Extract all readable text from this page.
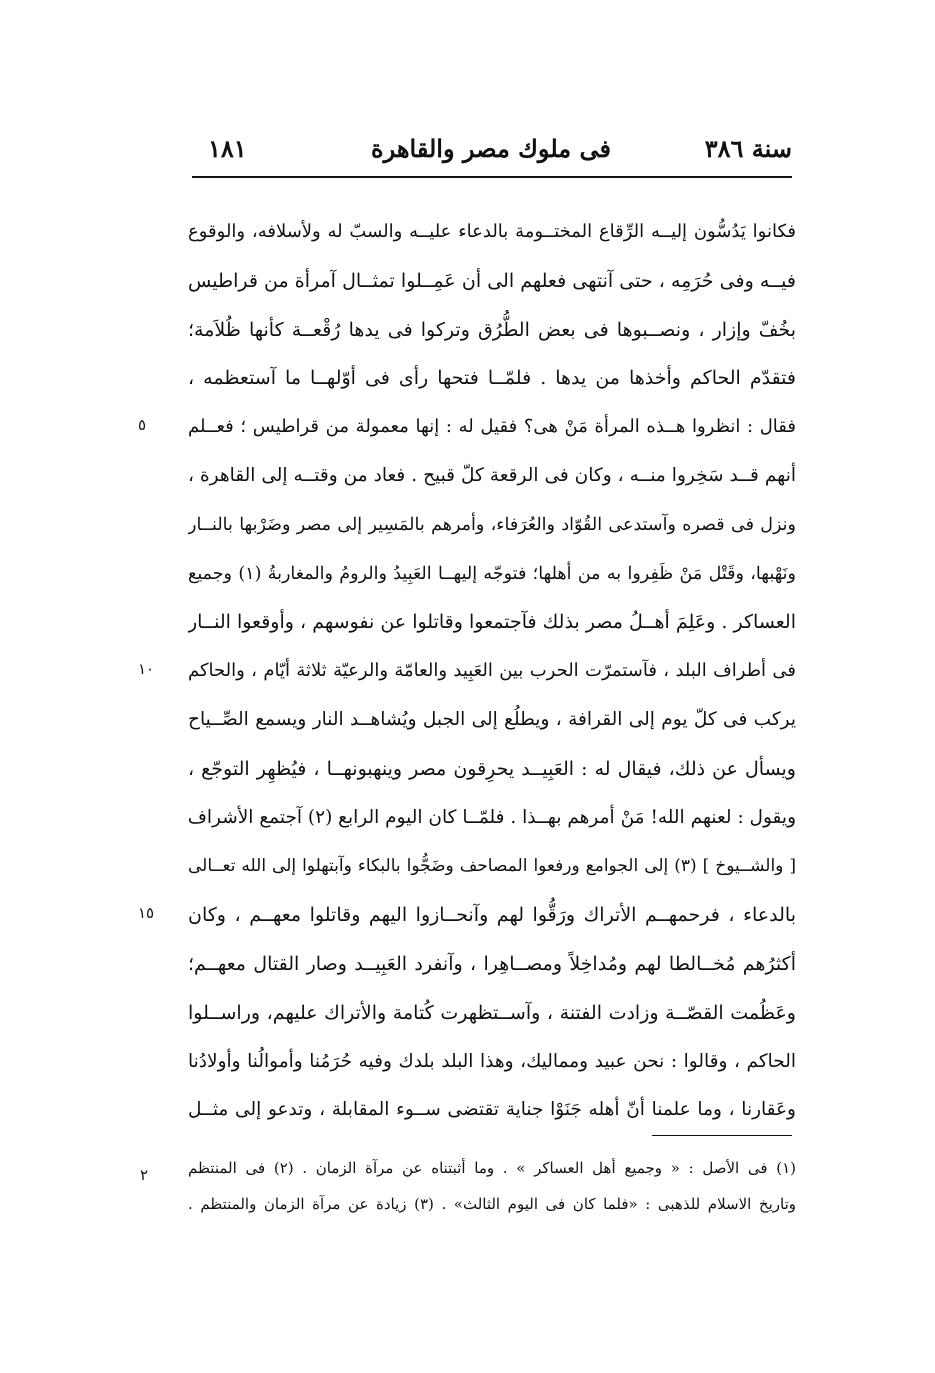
سنة ٣٨٦
فى ملوك مصر والقاهرة
١٨١
فكانوا يَدُسُّون إليــه الرِّقاع المختــومة بالدعاء عليــه والسبّ له ولأسلافه، والوقوع
فيــه وفى حُرَمِه ، حتى آنتهى فعلهم الى أن عَمِــلوا تمثــال آمرأة من قراطيس
بخُفّ وإزار ، ونصــبوها فى بعض الطُّرُق وتركوا فى يدها رُقْعــة كأنها ظُلاَمة؛
فتقدّم الحاكم وأخذها من يدها . فلمّــا فتحها رأى فى أوّلهــا ما آستعظمه ،
فقال : انظروا هــذه المرأة مَنْ هى؟ فقيل له : إنها معمولة من قراطيس ؛ فعــلم
أنهم قــد سَخِروا منــه ، وكان فى الرقعة كلّ قبيح . فعاد من وقتــه إلى القاهرة ،
ونزل فى قصره وآستدعى القُوّاد والعُرَفاء، وأمرهم بالمَسِير إلى مصر وضَرْبها بالنــار
ونَهْبها، وقَتْل مَنْ ظَفِروا به من أهلها؛ فتوجّه إليهــا العَبِيدُ والرومُ والمغاربةُ (١) وجميع
العساكر . وعَلِمَ أهــلُ مصر بذلك فآجتمعوا وقاتلوا عن نفوسهم ، وأوقعوا النــار
فى أطراف البلد ، فآستمرّت الحرب بين العَبِيد والعامّة والرعيّة ثلاثة أيّام ، والحاكم
يركب فى كلّ يوم إلى القرافة ، ويطلُع إلى الجبل ويُشاهــد النار ويسمع الصِّــياح
ويسأل عن ذلك، فيقال له : العَبِيــد يحرِقون مصر وينهبونهــا ، فيُظهِر التوجّع ،
ويقول : لعنهم الله! مَنْ أمرهم بهــذا . فلمّــا كان اليوم الرابع (٢) آجتمع الأشراف
[ والشــيوخ ] (٣) إلى الجوامع ورفعوا المصاحف وضَجُّوا بالبكاء وآبتهلوا إلى الله تعــالى
بالدعاء ، فرحمهــم الأتراك ورَقُّوا لهم وآنحــازوا اليهم وقاتلوا معهــم ، وكان
أكثرُهم مُخــالطا لهم ومُداخِلاً ومصــاهِرا ، وآنفرد العَبِيــد وصار القتال معهــم؛
وعَظُمت القصّــة وزادت الفتنة ، وآســتظهرت كُتامة والأتراك عليهم، وراســلوا
الحاكم ، وقالوا : نحن عبيد ومماليك، وهذا البلد بلدك وفيه حُرَمُنا وأموالُنا وأولادُنا
وعَقارنا ، وما علمنا أنّ أهله جَنَوْا جناية تقتضى ســوء المقابلة ، وتدعو إلى مثــل
٥
١٠
١٥
(١) فى الأصل : « وجميع أهل العساكر » . وما أثبتناه عن مرآة الزمان . (٢) فى المنتظم
وتاريخ الاسلام للذهبى : «فلما كان فى اليوم الثالث» . (٣) زيادة عن مرآة الزمان والمنتظم .
٢
